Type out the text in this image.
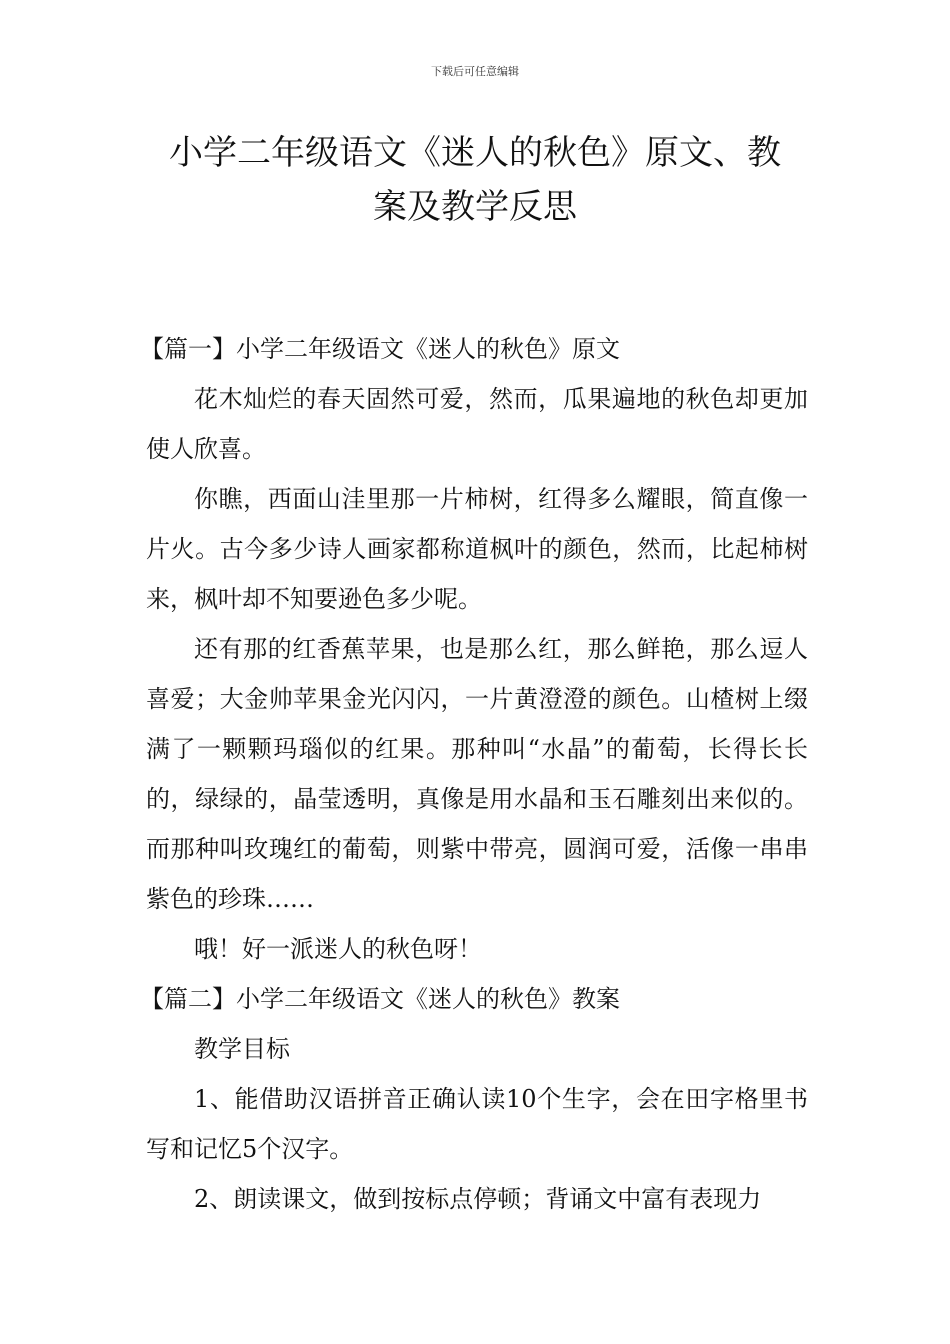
下载后可任意编辑
小学二年级语文《迷人的秋色》原文、教
案及教学反思

【篇一】小学二年级语文《迷人的秋色》原文

花木灿烂的春天固然可爱，然而，瓜果遍地的秋色却更加使人欣喜。

你瞧，西面山洼里那一片柿树，红得多么耀眼，简直像一片火。古今多少诗人画家都称道枫叶的颜色，然而，比起柿树来，枫叶却不知要逊色多少呢。

还有那的红香蕉苹果，也是那么红，那么鲜艳，那么逗人喜爱；大金帅苹果金光闪闪，一片黄澄澄的颜色。山楂树上缀满了一颗颗玛瑙似的红果。那种叫“水晶”的葡萄，长得长长的，绿绿的，晶莹透明，真像是用水晶和玉石雕刻出来似的。而那种叫玫瑰红的葡萄，则紫中带亮，圆润可爱，活像一串串紫色的珍珠……

哦！好一派迷人的秋色呀！

【篇二】小学二年级语文《迷人的秋色》教案

教学目标

1、能借助汉语拼音正确认读10个生字，会在田字格里书写和记忆5个汉字。

2、朗读课文，做到按标点停顿；背诵文中富有表现力
